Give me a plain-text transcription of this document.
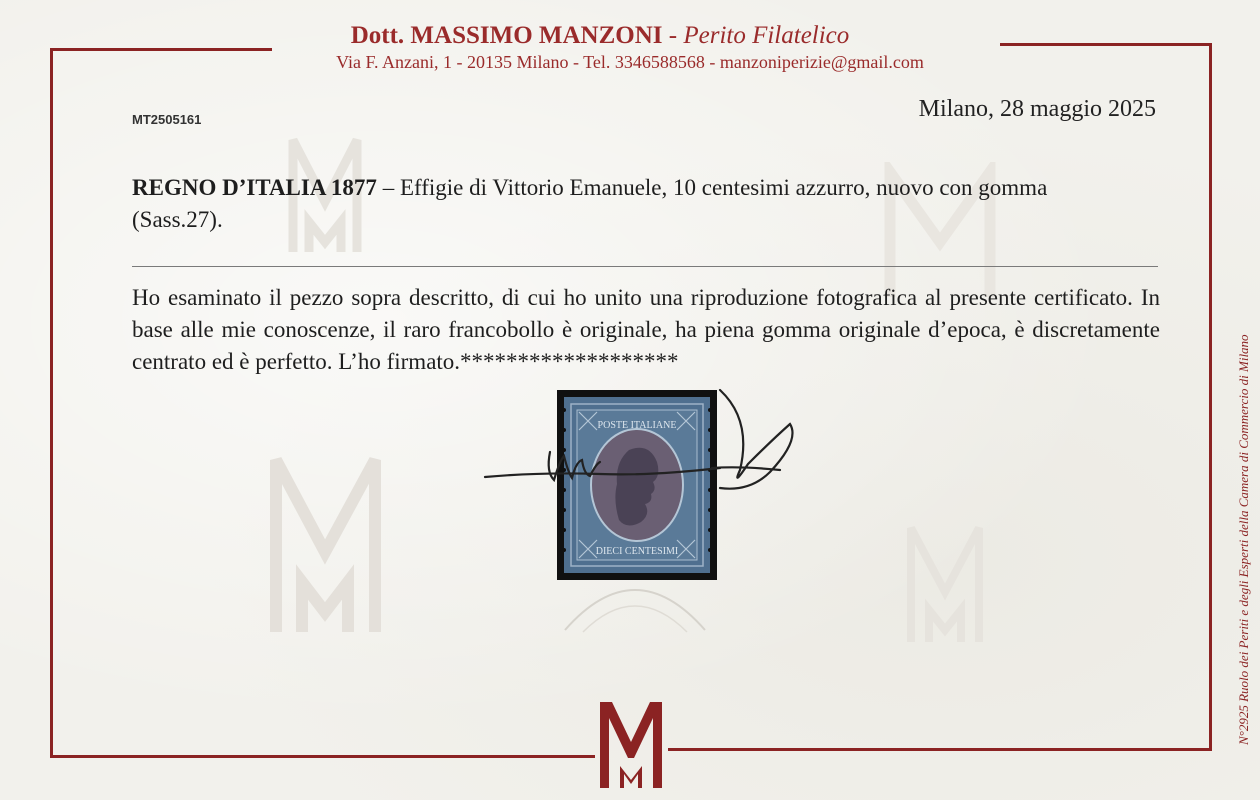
Dott. MASSIMO MANZONI - Perito Filatelico
Via F. Anzani, 1 - 20135 Milano - Tel. 3346588568 - manzoniperizie@gmail.com
MT2505161	Milano, 28 maggio 2025
REGNO D’ITALIA 1877 – Effigie di Vittorio Emanuele, 10 centesimi azzurro, nuovo con gomma (Sass.27).
Ho esaminato il pezzo sopra descritto, di cui ho unito una riproduzione fotografica al presente certificato. In base alle mie conoscenze, il raro francobollo è originale, ha piena gomma originale d’epoca, è discretamente centrato ed è perfetto. L’ho firmato.*******************
POSTE ITALIANE
DIECI CENTESIMI	N°2925 Ruolo dei Periti e degli Esperti della Camera di Commercio di Milano
